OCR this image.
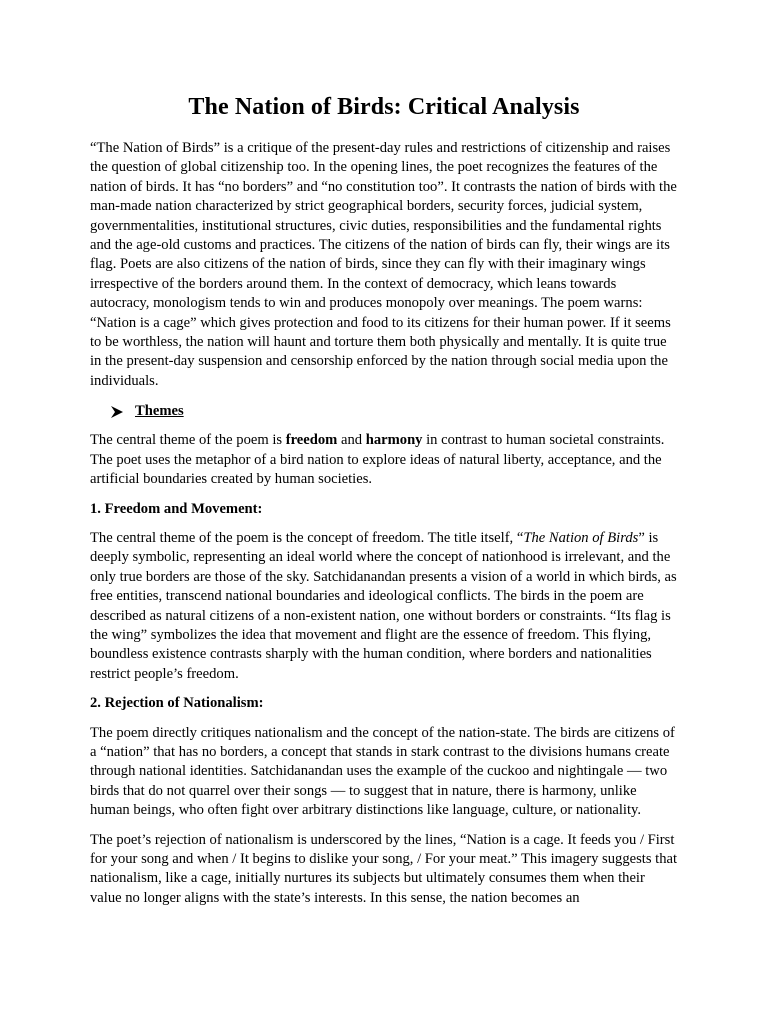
The Nation of Birds: Critical Analysis

“The Nation of Birds” is a critique of the present-day rules and restrictions of citizenship and raises the question of global citizenship too. In the opening lines, the poet recognizes the features of the nation of birds. It has “no borders” and “no constitution too”. It contrasts the nation of birds with the man-made nation characterized by strict geographical borders, security forces, judicial system, governmentalities, institutional structures, civic duties, responsibilities and the fundamental rights and the age-old customs and practices. The citizens of the nation of birds can fly, their wings are its flag. Poets are also citizens of the nation of birds, since they can fly with their imaginary wings irrespective of the borders around them. In the context of democracy, which leans towards autocracy, monologism tends to win and produces monopoly over meanings. The poem warns: “Nation is a cage” which gives protection and food to its citizens for their human power. If it seems to be worthless, the nation will haunt and torture them both physically and mentally. It is quite true in the present-day suspension and censorship enforced by the nation through social media upon the individuals.

Themes

The central theme of the poem is freedom and harmony in contrast to human societal constraints. The poet uses the metaphor of a bird nation to explore ideas of natural liberty, acceptance, and the artificial boundaries created by human societies.

1. Freedom and Movement:

The central theme of the poem is the concept of freedom. The title itself, “The Nation of Birds” is deeply symbolic, representing an ideal world where the concept of nationhood is irrelevant, and the only true borders are those of the sky. Satchidanandan presents a vision of a world in which birds, as free entities, transcend national boundaries and ideological conflicts. The birds in the poem are described as natural citizens of a non-existent nation, one without borders or constraints. “Its flag is the wing” symbolizes the idea that movement and flight are the essence of freedom. This flying, boundless existence contrasts sharply with the human condition, where borders and nationalities restrict people’s freedom.

2. Rejection of Nationalism:

The poem directly critiques nationalism and the concept of the nation-state. The birds are citizens of a “nation” that has no borders, a concept that stands in stark contrast to the divisions humans create through national identities. Satchidanandan uses the example of the cuckoo and nightingale — two birds that do not quarrel over their songs — to suggest that in nature, there is harmony, unlike human beings, who often fight over arbitrary distinctions like language, culture, or nationality.

The poet’s rejection of nationalism is underscored by the lines, “Nation is a cage. It feeds you / First for your song and when / It begins to dislike your song, / For your meat.” This imagery suggests that nationalism, like a cage, initially nurtures its subjects but ultimately consumes them when their value no longer aligns with the state’s interests. In this sense, the nation becomes an
